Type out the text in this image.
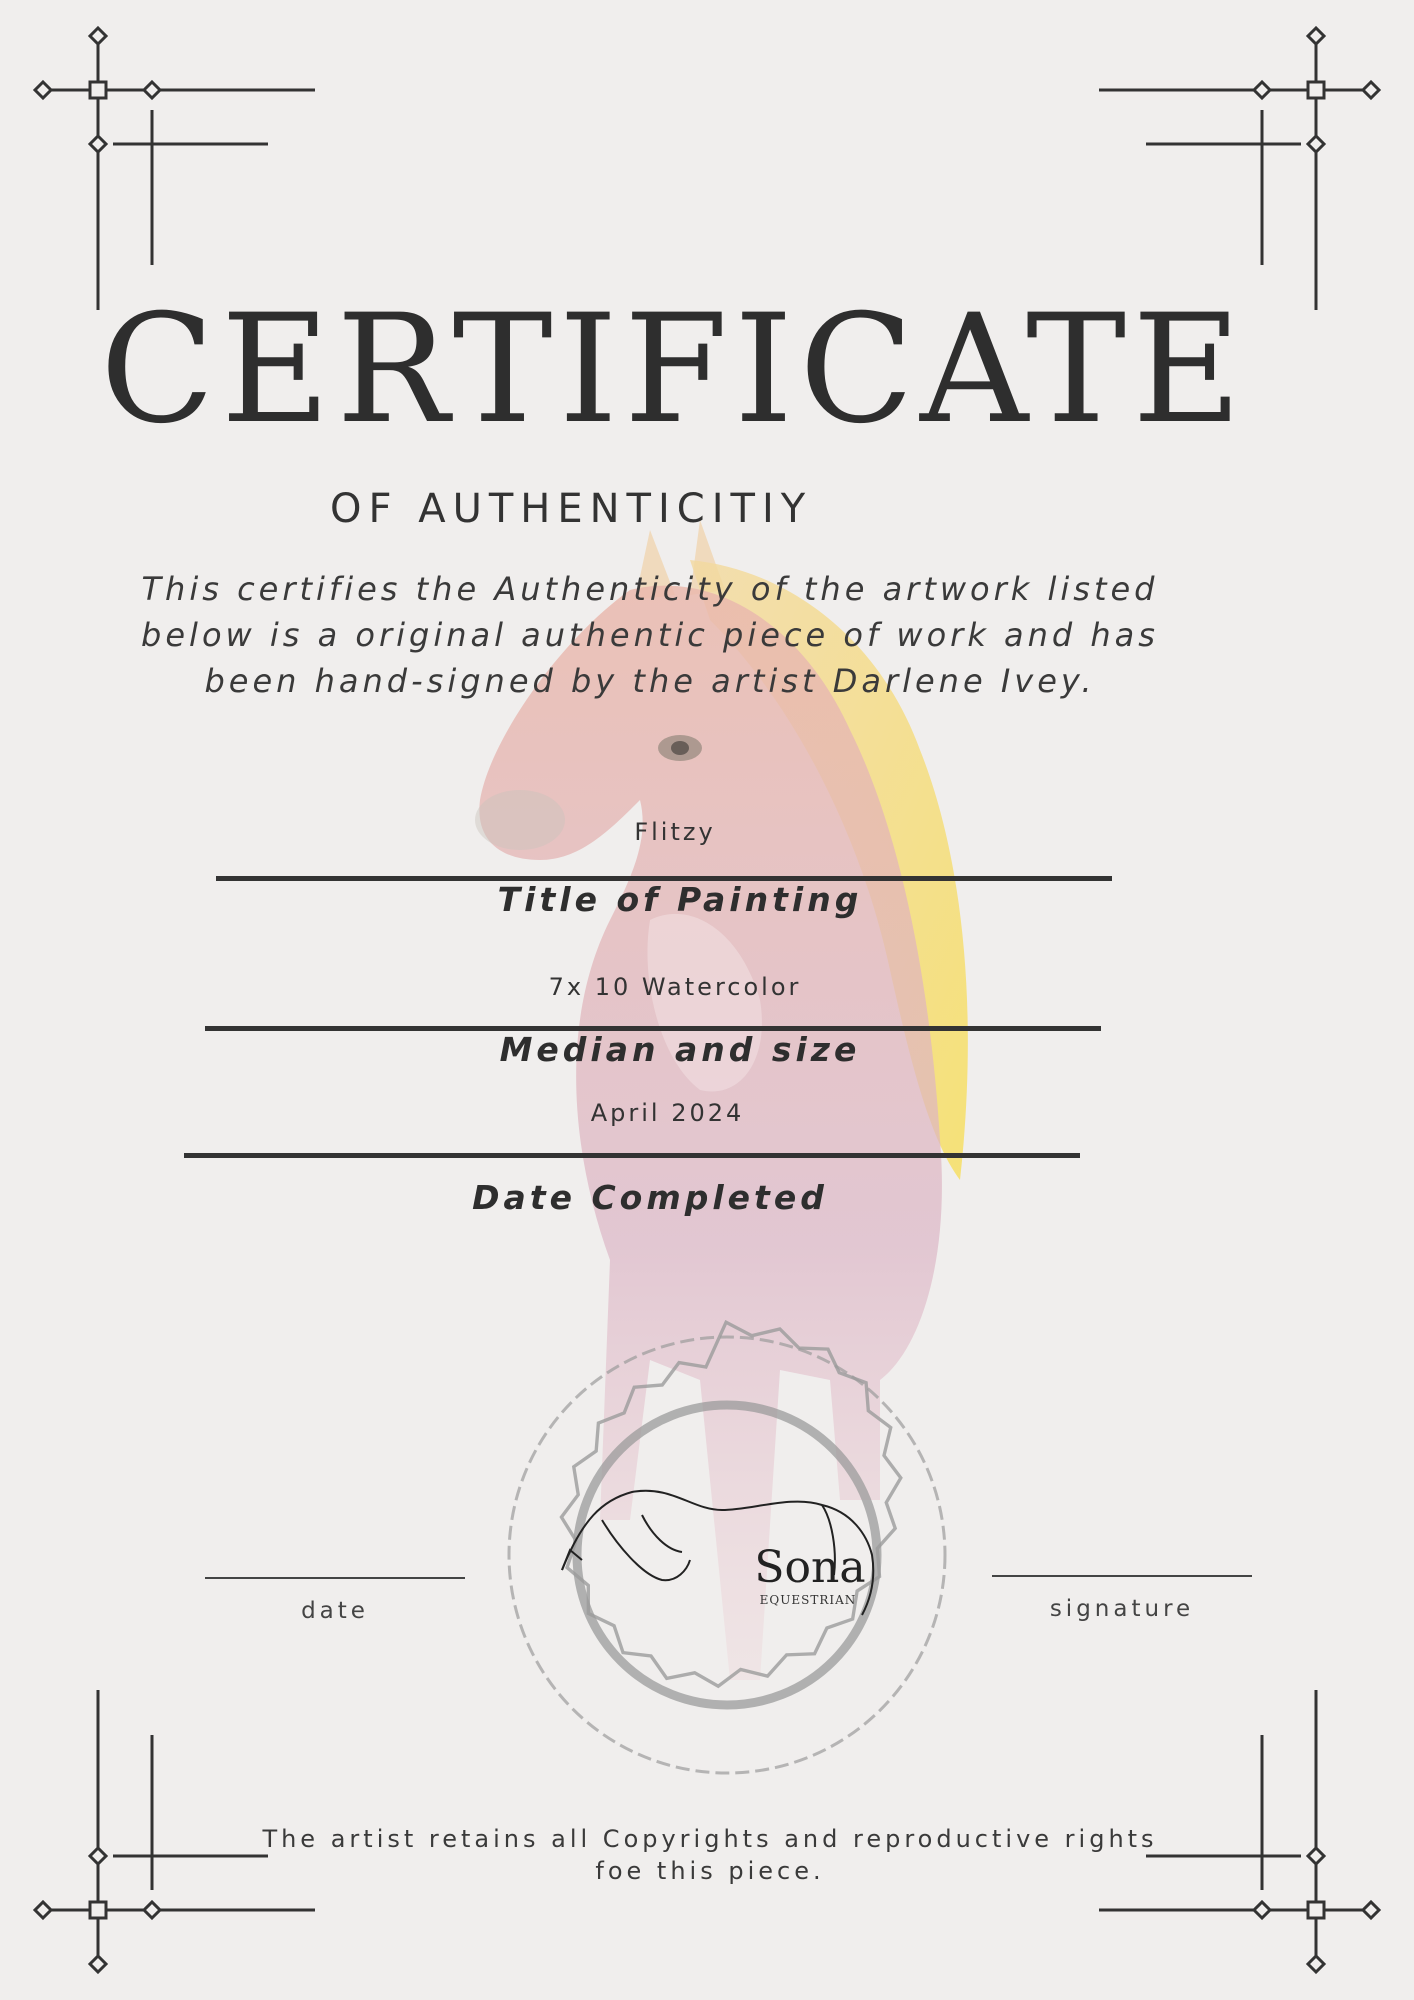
Sona
EQUESTRIAN
CERTIFICATE
OF AUTHENTICITIY
This certifies the Authenticity of the artwork listed below is a original authentic piece of work and has been hand-signed by the artist Darlene Ivey.
Flitzy
Title of Painting
7x 10 Watercolor
Median and size
April 2024
Date Completed
date	signature
The artist retains all Copyrights and reproductive rights foe this piece.
